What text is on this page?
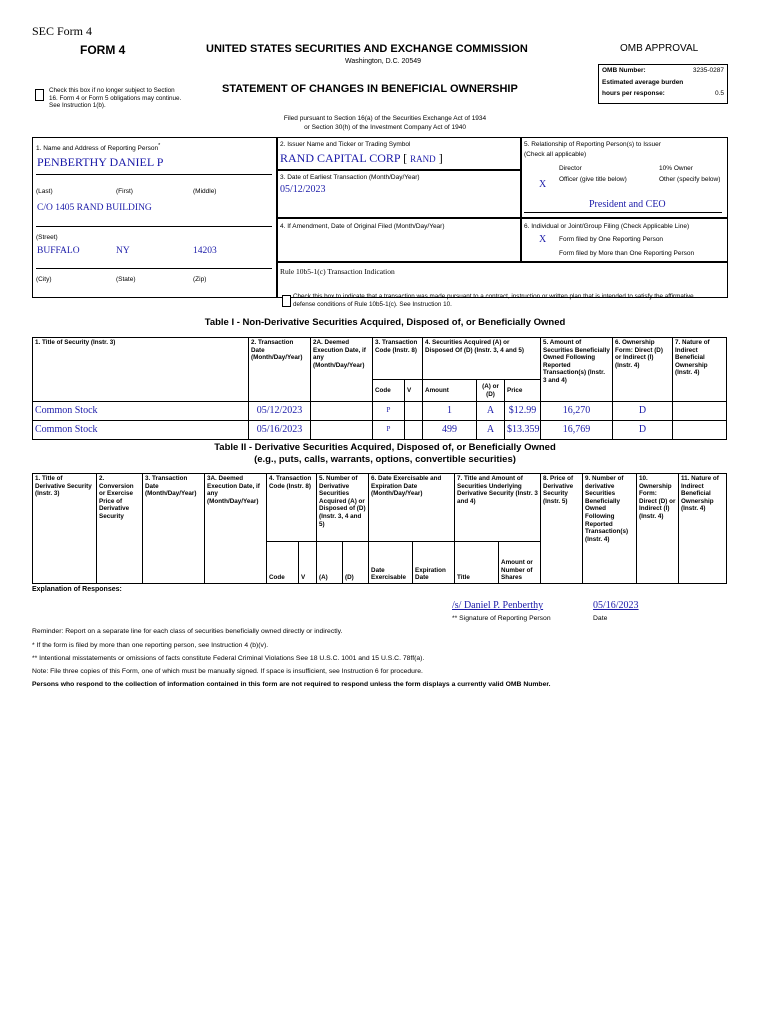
SEC Form 4
FORM 4	UNITED STATES SECURITIES AND EXCHANGE COMMISSION
Washington, D.C. 20549
OMB APPROVAL
OMB Number:	3235-0287
Estimated average burden
hours per response:	0.5
Check this box if no longer subject to Section 16. Form 4 or Form 5 obligations may continue. See Instruction 1(b).
STATEMENT OF CHANGES IN BENEFICIAL OWNERSHIP
Filed pursuant to Section 16(a) of the Securities Exchange Act of 1934
or Section 30(h) of the Investment Company Act of 1940
1. Name and Address of Reporting Person*
PENBERTHY DANIEL P
(Last)	(First)	(Middle)
C/O 1405 RAND BUILDING
(Street)
BUFFALO	NY	14203
(City)	(State)	(Zip)
2. Issuer Name and Ticker or Trading Symbol
RAND CAPITAL CORP [ RAND ]
3. Date of Earliest Transaction (Month/Day/Year)
05/12/2023
4. If Amendment, Date of Original Filed (Month/Day/Year)
5. Relationship of Reporting Person(s) to Issuer
(Check all applicable)
Director	10% Owner
X Officer (give title below)	Other (specify below)
President and CEO
6. Individual or Joint/Group Filing (Check Applicable Line)
X Form filed by One Reporting Person
Form filed by More than One Reporting Person
Rule 10b5-1(c) Transaction Indication
Check this box to indicate that a transaction was made pursuant to a contract, instruction or written plan that is intended to satisfy the affirmative defense conditions of Rule 10b5-1(c). See Instruction 10.
Table I - Non-Derivative Securities Acquired, Disposed of, or Beneficially Owned
1. Title of Security (Instr. 3)	2. Transaction Date (Month/Day/Year)	2A. Deemed Execution Date, if any (Month/Day/Year)	3. Transaction Code (Instr. 8)		4. Securities Acquired (A) or Disposed Of (D) (Instr. 3, 4 and 5)			5. Amount of Securities Beneficially Owned Following Reported Transaction(s) (Instr. 3 and 4)	6. Ownership Form: Direct (D) or Indirect (I) (Instr. 4)	7. Nature of Indirect Beneficial Ownership (Instr. 4)
			Code	V	Amount	(A) or (D)	Price			
Common Stock	05/12/2023		P		1	A	$12.99	16,270	D	
Common Stock	05/16/2023		P		499	A	$13.359	16,769	D	
Table II - Derivative Securities Acquired, Disposed of, or Beneficially Owned
(e.g., puts, calls, warrants, options, convertible securities)
1. Title of Derivative Security (Instr. 3)	2. Conversion or Exercise Price of Derivative Security	3. Transaction Date (Month/Day/Year)	3A. Deemed Execution Date, if any (Month/Day/Year)	4. Transaction Code (Instr. 8)		5. Number of Derivative Securities Acquired (A) or Disposed of (D) (Instr. 3, 4 and 5)		6. Date Exercisable and Expiration Date (Month/Day/Year)		7. Title and Amount of Securities Underlying Derivative Security (Instr. 3 and 4)		8. Price of Derivative Security (Instr. 5)	9. Number of derivative Securities Beneficially Owned Following Reported Transaction(s) (Instr. 4)	10. Ownership Form: Direct (D) or Indirect (I) (Instr. 4)	11. Nature of Indirect Beneficial Ownership (Instr. 4)
				Code	V	(A)	(D)	Date Exercisable	Expiration Date	Title	Amount or Number of Shares				
Explanation of Responses:
/s/ Daniel P. Penberthy	05/16/2023
** Signature of Reporting Person	Date
Reminder: Report on a separate line for each class of securities beneficially owned directly or indirectly.
* If the form is filed by more than one reporting person, see Instruction 4 (b)(v).
** Intentional misstatements or omissions of facts constitute Federal Criminal Violations See 18 U.S.C. 1001 and 15 U.S.C. 78ff(a).
Note: File three copies of this Form, one of which must be manually signed. If space is insufficient, see Instruction 6 for procedure.
Persons who respond to the collection of information contained in this form are not required to respond unless the form displays a currently valid OMB Number.
